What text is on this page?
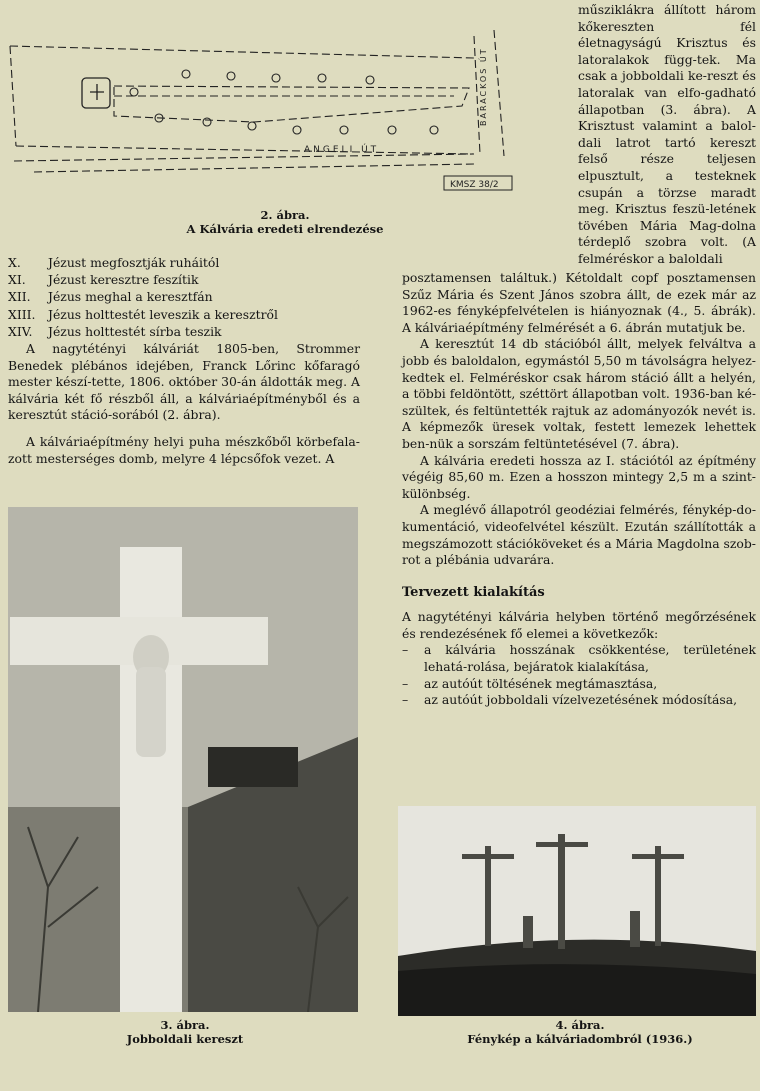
műsziklákra állított három kőkereszten fél életnagyságú Krisztus és latoralakok függ-tek. Ma csak a jobboldali ke-reszt és latoralak van elfo-gadható állapotban (3. ábra). A Krisztust valamint a balol-dali latrot tartó kereszt felső része teljesen elpusztult, a testeknek csupán a törzse maradt meg. Krisztus feszü-letének tövében Mária Mag-dolna térdeplő szobra volt. (A felméréskor a baloldali

ANGELI ÚT
BARACKOS ÚT
KMSZ 38/2
2. ábra.
A Kálvária eredeti elrendezése
X.	Jézust megfosztják ruháitól
XI.	Jézust keresztre feszítik
XII.	Jézus meghal a keresztfán
XIII.	Jézus holttestét leveszik a keresztről
XIV.	Jézus holttestét sírba teszik

A nagytétényi kálváriát 1805-ben, Strommer Benedek plébános idejében, Franck Lőrinc kőfaragó mester készí-tette, 1806. október 30-án áldották meg. A kálvária két fő részből áll, a kálváriaépítményből és a keresztút stáció-sorából (2. ábra).

A kálváriaépítmény helyi puha mészkőből körbefala-zott mesterséges domb, melyre 4 lépcsőfok vezet. A

posztamensen találtuk.) Kétoldalt copf posztamensen Szűz Mária és Szent János szobra állt, de ezek már az 1962-es fényképfelvételen is hiányoznak (4., 5. ábrák). A kálváriaépítmény felmérését a 6. ábrán mutatjuk be.

A keresztút 14 db stációból állt, melyek felváltva a jobb és baloldalon, egymástól 5,50 m távolságra helyez-kedtek el. Felméréskor csak három stáció állt a helyén, a többi feldöntött, széttört állapotban volt. 1936-ban ké-szültek, és feltüntették rajtuk az adományozók nevét is. A képmezők üresek voltak, festett lemezek lehettek ben-nük a sorszám feltüntetésével (7. ábra).

A kálvária eredeti hossza az I. stációtól az építmény végéig 85,60 m. Ezen a hosszon mintegy 2,5 m a szint-különbség.

A meglévő állapotról geodéziai felmérés, fénykép-do-kumentáció, videofelvétel készült. Ezután szállították a megszámozott stációköveket és a Mária Magdolna szob-rot a plébánia udvarára.

Tervezett kialakítás

A nagytétényi kálvária helyben történő megőrzésének és rendezésének fő elemei a következők:

–	a kálvária hosszának csökkentése, területének lehatá-rolása, bejáratok kialakítása,
–	az autóút töltésének megtámasztása,
–	az autóút jobboldali vízelvezetésének módosítása,
3. ábra.
Jobboldali kereszt
4. ábra.
Fénykép a kálváriadombról (1936.)
